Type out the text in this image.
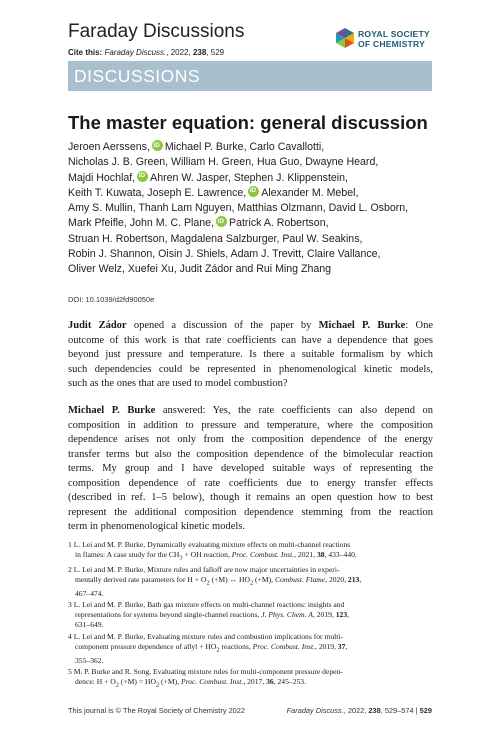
Faraday Discussions
Cite this: Faraday Discuss., 2022, 238, 529
ROYAL SOCIETY
OF CHEMISTRY
DISCUSSIONS
The master equation: general discussion
Jeroen Aerssens, iD Michael P. Burke, Carlo Cavallotti,
Nicholas J. B. Green, William H. Green, Hua Guo, Dwayne Heard,
Majdi Hochlaf, iD Ahren W. Jasper, Stephen J. Klippenstein,
Keith T. Kuwata, Joseph E. Lawrence, iD Alexander M. Mebel,
Amy S. Mullin, Thanh Lam Nguyen, Matthias Olzmann, David L. Osborn,
Mark Pfeifle, John M. C. Plane, iD Patrick A. Robertson,
Struan H. Robertson, Magdalena Salzburger, Paul W. Seakins,
Robin J. Shannon, Oisin J. Shiels, Adam J. Trevitt, Claire Vallance,
Oliver Welz, Xuefei Xu, Judit Zádor and Rui Ming Zhang
DOI: 10.1039/d2fd90050e
Judit Zádor opened a discussion of the paper by Michael P. Burke: One
outcome of this work is that rate coefficients can have a dependence that goes
beyond just pressure and temperature. Is there a suitable formalism by which
such dependencies could be represented in phenomenological kinetic models,
such as the ones that are used to model combustion?
Michael P. Burke answered: Yes, the rate coefficients can also depend on
composition in addition to pressure and temperature, where the composition
dependence arises not only from the composition dependence of the energy
transfer terms but also the composition dependence of the bimolecular reaction
terms. My group and I have developed suitable ways of representing the
composition dependence of rate coefficients due to energy transfer effects
(described in ref. 1–5 below), though it remains an open question how to best
represent the additional composition dependence stemming from the reaction
term in phenomenological kinetic models.
1 L. Lei and M. P. Burke, Dynamically evaluating mixture effects on multi-channel reactions
in flames: A case study for the $CH_3$ + OH reaction, Proc. Combust. Inst., 2021, 38, 433–440.
2 L. Lei and M. P. Burke, Mixture rules and falloff are now major uncertainties in experi-
mentally derived rate parameters for $H + O_2$ (+M) ↔ $HO_2$ (+M), Combust. Flame, 2020, 213,
467–474.
3 L. Lei and M. P. Burke, Bath gas mixture effects on multi-channel reactions: insights and
representations for systems beyond single-channel reactions, J. Phys. Chem. A, 2019, 123,
631–649.
4 L. Lei and M. P. Burke, Evaluating mixture rules and combustion implications for multi-
component pressure dependence of allyl + $HO_2$ reactions, Proc. Combust. Inst., 2019, 37,
355–362.
5 M. P. Burke and R. Song, Evaluating mixture rules for multi-component pressure depen-
dence: $H + O_2$ $(+M) = HO_2$ (+M), Proc. Combust. Inst., 2017, 36, 245–253.
This journal is © The Royal Society of Chemistry 2022	Faraday Discuss., 2022, 238, 529–574 | 529
